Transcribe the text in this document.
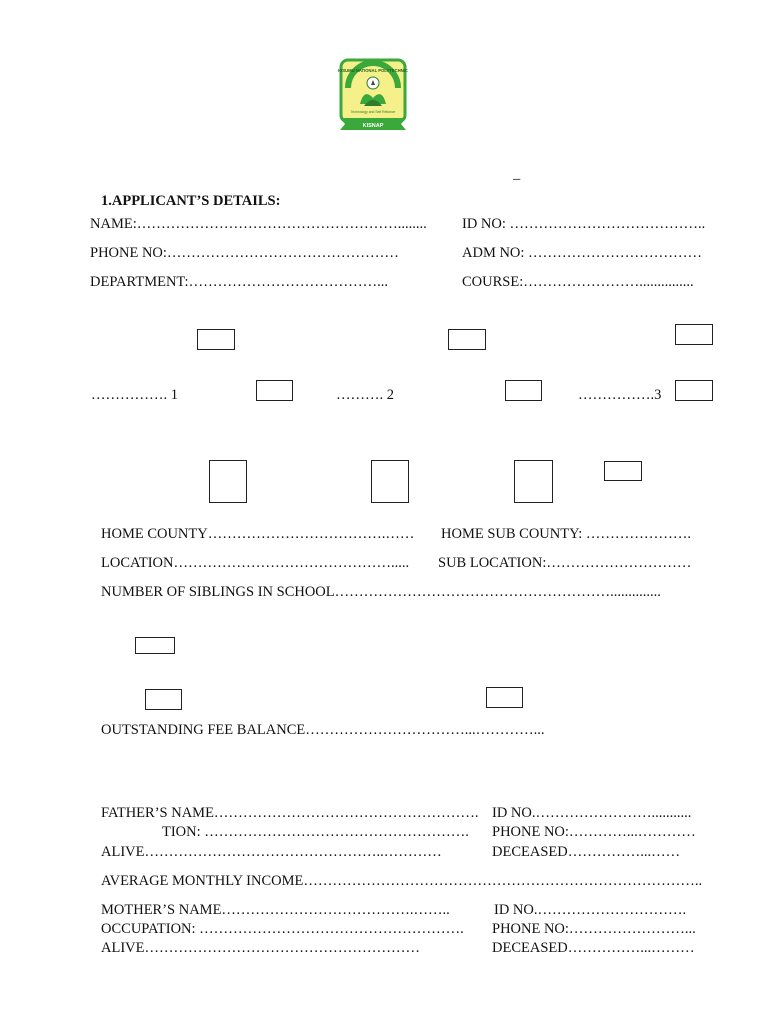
KISUMU NATIONAL POLYTECHNIC
Technology and Self Reliance
KISNAP
–
1.APPLICANT’S DETAILS:
NAME:………………………………………………........ ID NO: …………………………………..
PHONE NO:…………………………………………	ADM NO: ………………………………
DEPARTMENT:…………………………………...	COURSE:……………………...............
……………. 1	………. 2	…………….3
HOME COUNTY……………………………….…… HOME SUB COUNTY: ………………….
LOCATION………………………………………..... SUB LOCATION:…………………………
NUMBER OF SIBLINGS IN SCHOOL…………………………………………………..............
OUTSTANDING FEE BALANCE……………………………...…………...
FATHER’S NAME………………………………………………. ID NO.……………………...........
TION: ………………………………………………. PHONE NO:…………...…………
ALIVE…………………………………………..…………	DECEASED……………...……
AVERAGE MONTHLY INCOME………………………………………………………………………..
MOTHER’S NAME………………………………….……..	ID NO.………………………….
OCCUPATION: ………………………………………………. PHONE NO:……………………...
ALIVE…………………………………………………	DECEASED……………...………
